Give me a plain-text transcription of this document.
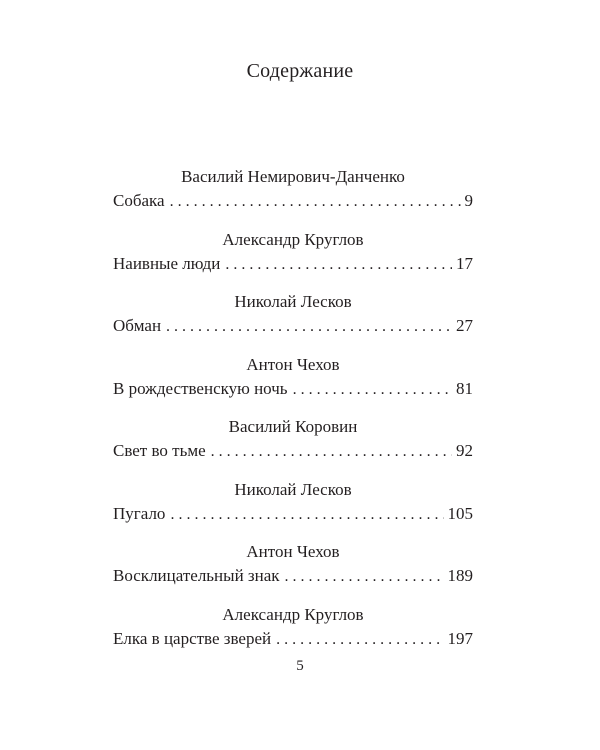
Содержание
Василий Немирович-Данченко
Собака . . .	9
Александр Круглов
Наивные люди . . .	17
Николай Лесков
Обман . . .	27
Антон Чехов
В рождественскую ночь . . .	81
Василий Коровин
Свет во тьме . . .	92
Николай Лесков
Пугало . . .	105
Антон Чехов
Восклицательный знак . . .	189
Александр Круглов
Елка в царстве зверей . . .	197
5
